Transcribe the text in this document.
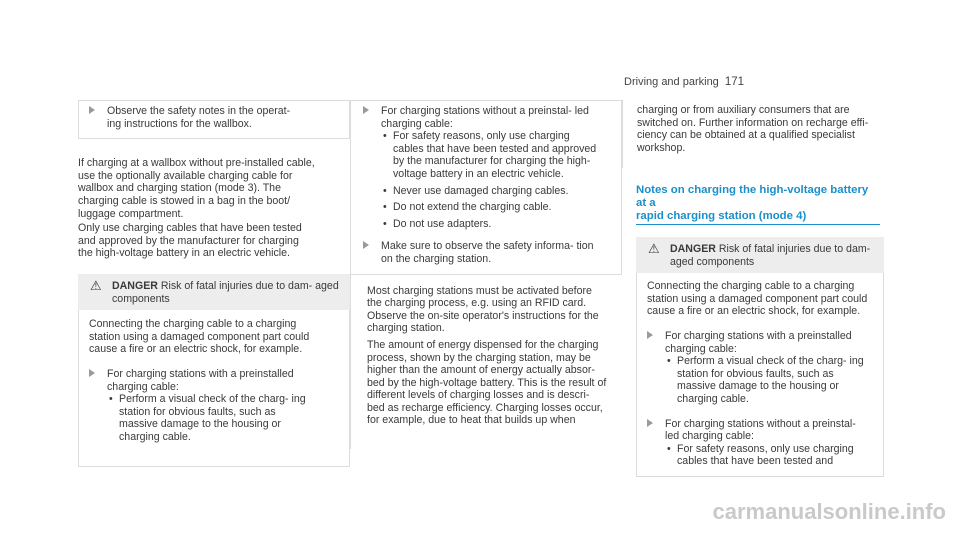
Driving and parking 171
Observe the safety notes in the operat- ing instructions for the wallbox.

If charging at a wallbox without pre-installed cable, use the optionally available charging cable for wallbox and charging station (mode 3). The charging cable is stowed in a bag in the boot/ luggage compartment.

Only use charging cables that have been tested and approved by the manufacturer for charging the high-voltage battery in an electric vehicle.

⚠ DANGER Risk of fatal injuries due to dam- aged components

Connecting the charging cable to a charging station using a damaged component part could cause a fire or an electric shock, for example.

For charging stations with a preinstalled charging cable:
• Perform a visual check of the charg- ing station for obvious faults, such as massive damage to the housing or charging cable.
For charging stations without a preinstal- led charging cable:
• For safety reasons, only use charging cables that have been tested and approved by the manufacturer for charging the high-voltage battery in an electric vehicle.
• Never use damaged charging cables.
• Do not extend the charging cable.
• Do not use adapters.
Make sure to observe the safety informa- tion on the charging station.

Most charging stations must be activated before the charging process, e.g. using an RFID card. Observe the on-site operator's instructions for the charging station.

The amount of energy dispensed for the charging process, shown by the charging station, may be higher than the amount of energy actually absor- bed by the high-voltage battery. This is the result of different levels of charging losses and is descri- bed as recharge efficiency. Charging losses occur, for example, due to heat that builds up when

charging or from auxiliary consumers that are switched on. Further information on recharge effi- ciency can be obtained at a qualified specialist workshop.

Notes on charging the high-voltage battery at a
rapid charging station (mode 4)
⚠ DANGER Risk of fatal injuries due to dam- aged components

Connecting the charging cable to a charging station using a damaged component part could cause a fire or an electric shock, for example.

For charging stations with a preinstalled charging cable:
• Perform a visual check of the charg- ing station for obvious faults, such as massive damage to the housing or charging cable.
For charging stations without a preinstal- led charging cable:
• For safety reasons, only use charging cables that have been tested and
carmanualsonline.info
